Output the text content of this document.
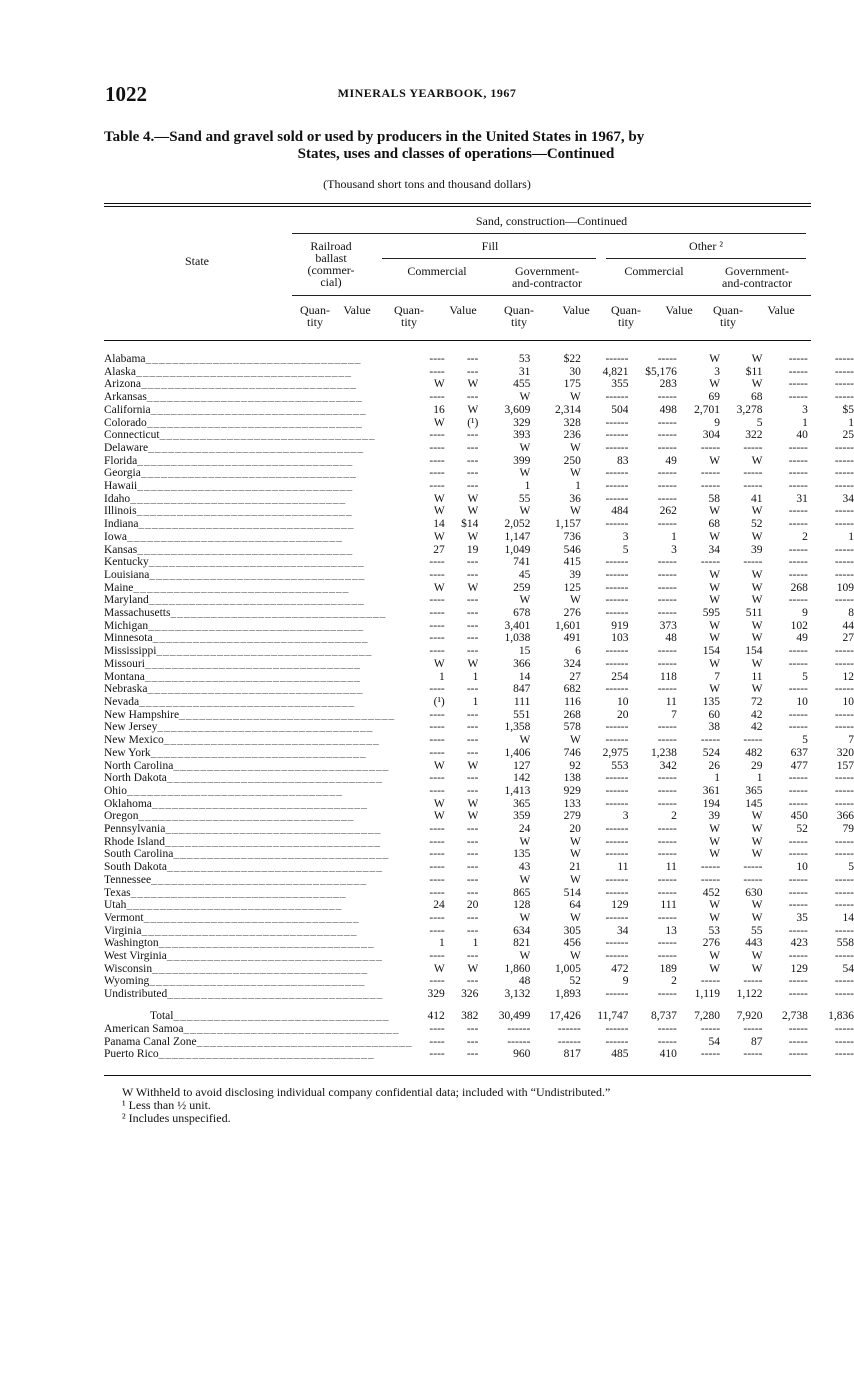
1022	MINERALS YEARBOOK, 1967
Table 4.—Sand and gravel sold or used by producers in the United States in 1967, by
States, uses and classes of operations—Continued
(Thousand short tons and thousand dollars)
State
Sand, construction—Continued
Railroad
ballast
(commer-
cial)
Fill	Other ²
Commercial	Government-
and-contractor
Commercial	Government-
and-contractor
Quan-
tity
Value	Quan-
tity
Value	Quan-
tity
Value	Quan-
tity
Value	Quan-
tity
Value
Alabama________________________________	----	---	53	$22	------	-----	W	W	-----	-----
Alaska________________________________	----	---	31	30	4,821	$5,176	3	$11	-----	-----
Arizona________________________________	W	W	455	175	355	283	W	W	-----	-----
Arkansas________________________________	----	---	W	W	------	-----	69	68	-----	-----
California________________________________	16	W	3,609	2,314	504	498	2,701	3,278	3	$5
Colorado________________________________	W	(¹)	329	328	------	-----	9	5	1	1
Connecticut________________________________	----	---	393	236	------	-----	304	322	40	25
Delaware________________________________	----	---	W	W	------	-----	-----	-----	-----	-----
Florida________________________________	----	---	399	250	83	49	W	W	-----	-----
Georgia________________________________	----	---	W	W	------	-----	-----	-----	-----	-----
Hawaii________________________________	----	---	1	1	------	-----	-----	-----	-----	-----
Idaho________________________________	W	W	55	36	------	-----	58	41	31	34
Illinois________________________________	W	W	W	W	484	262	W	W	-----	-----
Indiana________________________________	14	$14	2,052	1,157	------	-----	68	52	-----	-----
Iowa________________________________	W	W	1,147	736	3	1	W	W	2	1
Kansas________________________________	27	19	1,049	546	5	3	34	39	-----	-----
Kentucky________________________________	----	---	741	415	------	-----	-----	-----	-----	-----
Louisiana________________________________	----	---	45	39	------	-----	W	W	-----	-----
Maine________________________________	W	W	259	125	------	-----	W	W	268	109
Maryland________________________________	----	---	W	W	------	-----	W	W	-----	-----
Massachusetts________________________________	----	---	678	276	------	-----	595	511	9	8
Michigan________________________________	----	---	3,401	1,601	919	373	W	W	102	44
Minnesota________________________________	----	---	1,038	491	103	48	W	W	49	27
Mississippi________________________________	----	---	15	6	------	-----	154	154	-----	-----
Missouri________________________________	W	W	366	324	------	-----	W	W	-----	-----
Montana________________________________	1	1	14	27	254	118	7	11	5	12
Nebraska________________________________	----	---	847	682	------	-----	W	W	-----	-----
Nevada________________________________	(¹)	1	111	116	10	11	135	72	10	10
New Hampshire________________________________	----	---	551	268	20	7	60	42	-----	-----
New Jersey________________________________	----	---	1,358	578	------	-----	38	42	-----	-----
New Mexico________________________________	----	---	W	W	------	-----	-----	-----	5	7
New York________________________________	----	---	1,406	746	2,975	1,238	524	482	637	320
North Carolina________________________________	W	W	127	92	553	342	26	29	477	157
North Dakota________________________________	----	---	142	138	------	-----	1	1	-----	-----
Ohio________________________________	----	---	1,413	929	------	-----	361	365	-----	-----
Oklahoma________________________________	W	W	365	133	------	-----	194	145	-----	-----
Oregon________________________________	W	W	359	279	3	2	39	W	450	366
Pennsylvania________________________________	----	---	24	20	------	-----	W	W	52	79
Rhode Island________________________________	----	---	W	W	------	-----	W	W	-----	-----
South Carolina________________________________	----	---	135	W	------	-----	W	W	-----	-----
South Dakota________________________________	----	---	43	21	11	11	-----	-----	10	5
Tennessee________________________________	----	---	W	W	------	-----	-----	-----	-----	-----
Texas________________________________	----	---	865	514	------	-----	452	630	-----	-----
Utah________________________________	24	20	128	64	129	111	W	W	-----	-----
Vermont________________________________	----	---	W	W	------	-----	W	W	35	14
Virginia________________________________	----	---	634	305	34	13	53	55	-----	-----
Washington________________________________	1	1	821	456	------	-----	276	443	423	558
West Virginia________________________________	----	---	W	W	------	-----	W	W	-----	-----
Wisconsin________________________________	W	W	1,860	1,005	472	189	W	W	129	54
Wyoming________________________________	----	---	48	52	9	2	-----	-----	-----	-----
Undistributed________________________________	329	326	3,132	1,893	------	-----	1,119	1,122	-----	-----

Total________________________________	412	382	30,499	17,426	11,747	8,737	7,280	7,920	2,738	1,836
American Samoa________________________________	----	---	------	------	------	-----	-----	-----	-----	-----
Panama Canal Zone________________________________	----	---	------	------	------	-----	54	87	-----	-----
Puerto Rico________________________________	----	---	960	817	485	410	-----	-----	-----	-----
W Withheld to avoid disclosing individual company confidential data; included with “Undistributed.”
¹ Less than ½ unit.
² Includes unspecified.
